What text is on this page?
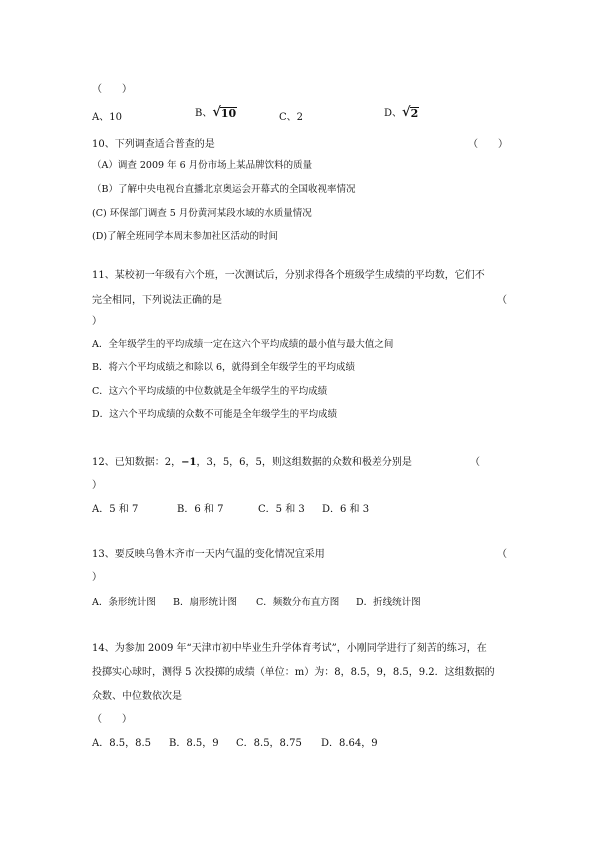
（　　）
A、10	B、 √ 10	C、2	D、 √ 2
10、下列调查适合普查的是	（　　）
（A）调查 2009 年 6 月份市场上某品牌饮料的质量
（B）了解中央电视台直播北京奥运会开幕式的全国收视率情况
(C) 环保部门调查 5 月份黄河某段水域的水质量情况
(D)了解全班同学本周末参加社区活动的时间
11、某校初一年级有六个班，一次测试后，分别求得各个班级学生成绩的平均数，它们不
完全相同，下列说法正确的是	（
）
A．全年级学生的平均成绩一定在这六个平均成绩的最小值与最大值之间
B．将六个平均成绩之和除以 6，就得到全年级学生的平均成绩
C．这六个平均成绩的中位数就是全年级学生的平均成绩
D．这六个平均成绩的众数不可能是全年级学生的平均成绩
12、已知数据：2，−1，3，5，6，5，则这组数据的众数和极差分别是	（
）
A．5 和 7	B．6 和 7	C．5 和 3 D．6 和 3
13、要反映乌鲁木齐市一天内气温的变化情况宜采用	（
）
A．条形统计图 B．扇形统计图 C．频数分布直方图 D．折线统计图
14、为参加 2009 年“天津市初中毕业生升学体育考试”，小刚同学进行了刻苦的练习，在
投掷实心球时，测得 5 次投掷的成绩（单位：m）为：8，8.5，9，8.5，9.2．这组数据的
众数、中位数依次是
（　　）
A．8.5，8.5 B．8.5，9 C．8.5，8.75 D．8.64，9
